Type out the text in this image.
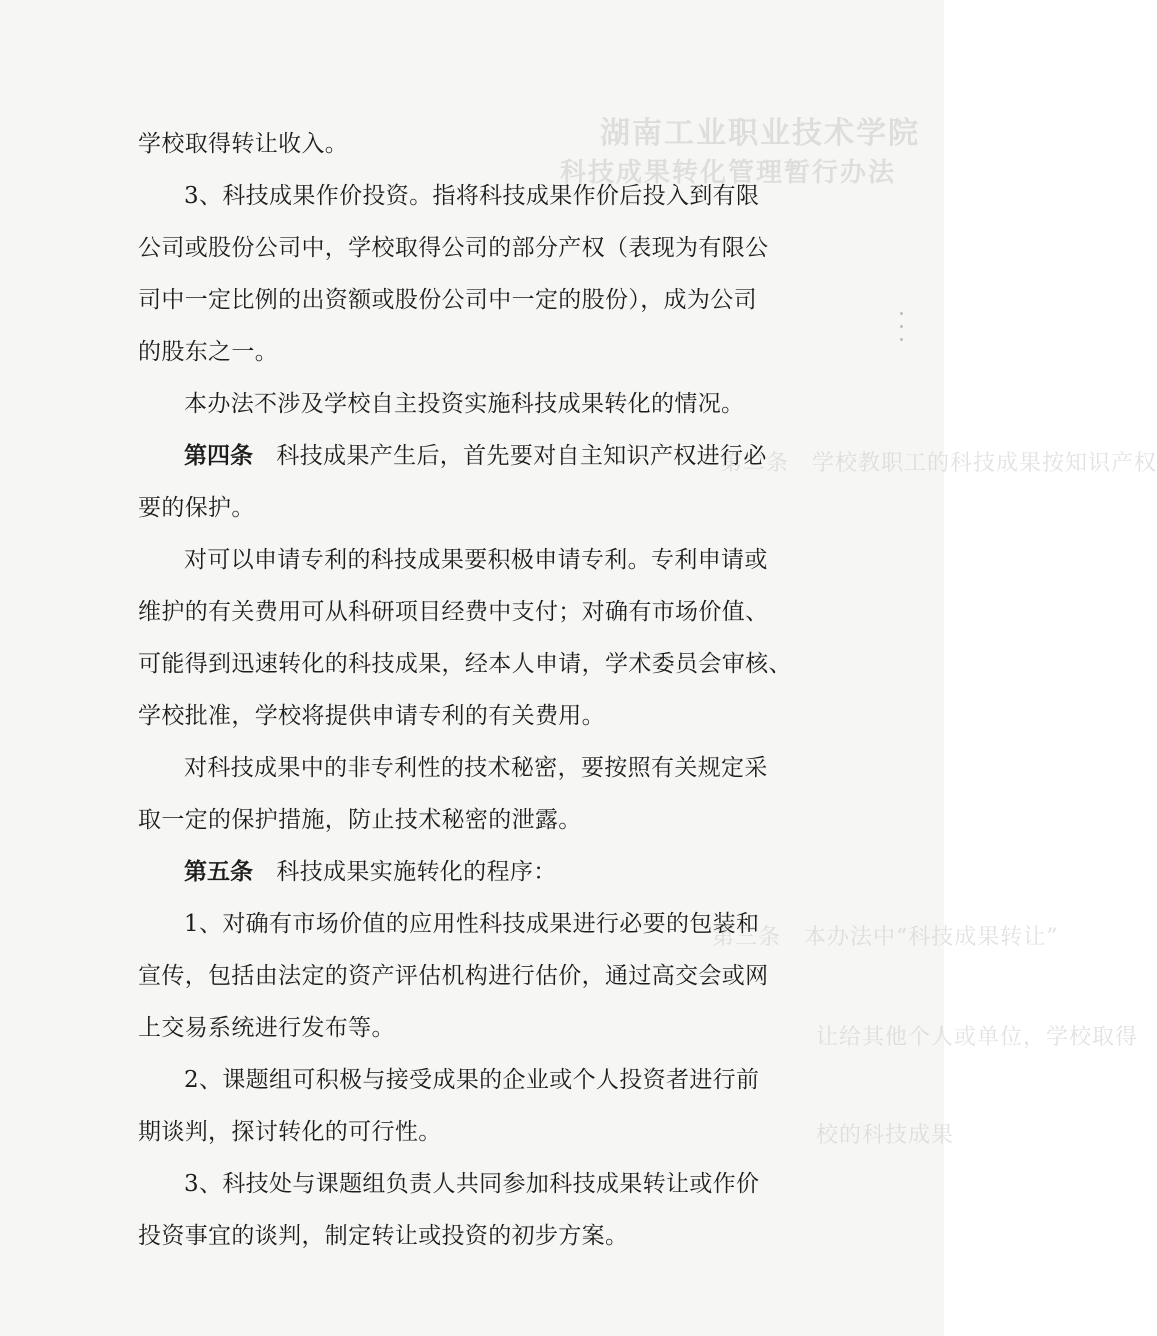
湖南工业职业技术学院
科技成果转化管理暂行办法
第二条　学校教职工的科技成果按知识产权
第三条　本办法中“科技成果转让”
让给其他个人或单位，学校取得
校的科技成果
学校取得转让收入。
3、科技成果作价投资。指将科技成果作价后投入到有限
公司或股份公司中，学校取得公司的部分产权（表现为有限公
司中一定比例的出资额或股份公司中一定的股份），成为公司
的股东之一。
本办法不涉及学校自主投资实施科技成果转化的情况。
第四条　科技成果产生后，首先要对自主知识产权进行必
要的保护。
对可以申请专利的科技成果要积极申请专利。专利申请或
维护的有关费用可从科研项目经费中支付；对确有市场价值、
可能得到迅速转化的科技成果，经本人申请，学术委员会审核、
学校批准，学校将提供申请专利的有关费用。
对科技成果中的非专利性的技术秘密，要按照有关规定采
取一定的保护措施，防止技术秘密的泄露。
第五条　科技成果实施转化的程序：
1、对确有市场价值的应用性科技成果进行必要的包装和
宣传，包括由法定的资产评估机构进行估价，通过高交会或网
上交易系统进行发布等。
2、课题组可积极与接受成果的企业或个人投资者进行前
期谈判，探讨转化的可行性。
3、科技处与课题组负责人共同参加科技成果转让或作价
投资事宜的谈判，制定转让或投资的初步方案。
